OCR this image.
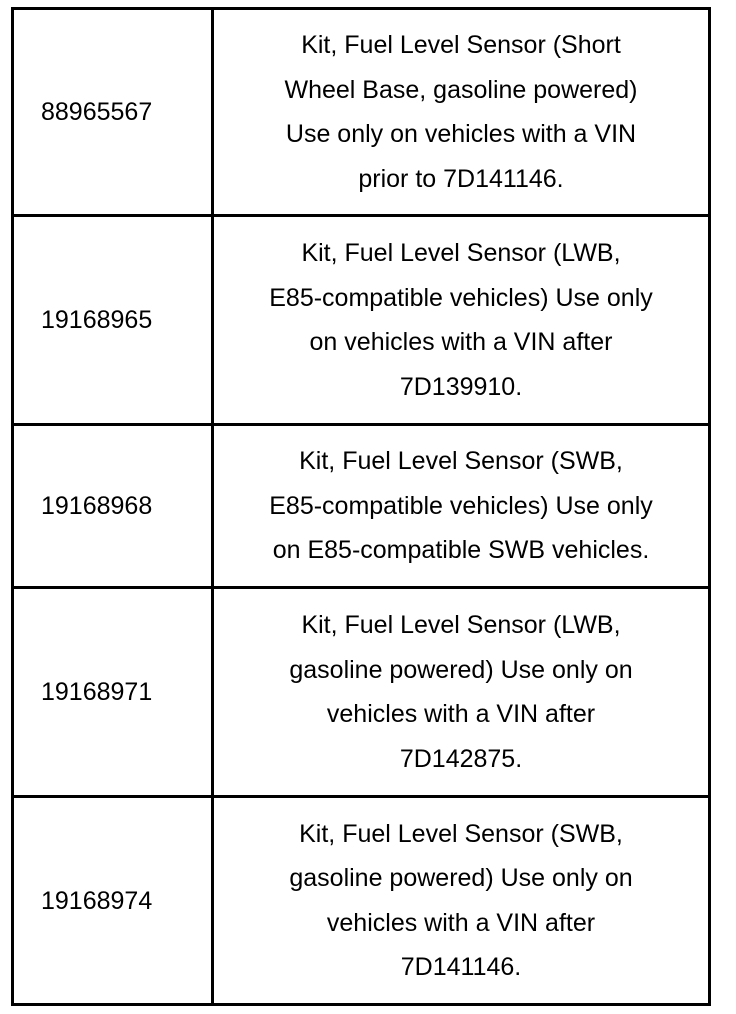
88965567	Kit, Fuel Level Sensor (Short
Wheel Base, gasoline powered)
Use only on vehicles with a VIN
prior to 7D141146.

19168965	Kit, Fuel Level Sensor (LWB,
E85-compatible vehicles) Use only
on vehicles with a VIN after
7D139910.

19168968	Kit, Fuel Level Sensor (SWB,
E85-compatible vehicles) Use only
on E85-compatible SWB vehicles.

19168971	Kit, Fuel Level Sensor (LWB,
gasoline powered) Use only on
vehicles with a VIN after
7D142875.

19168974	Kit, Fuel Level Sensor (SWB,
gasoline powered) Use only on
vehicles with a VIN after
7D141146.
